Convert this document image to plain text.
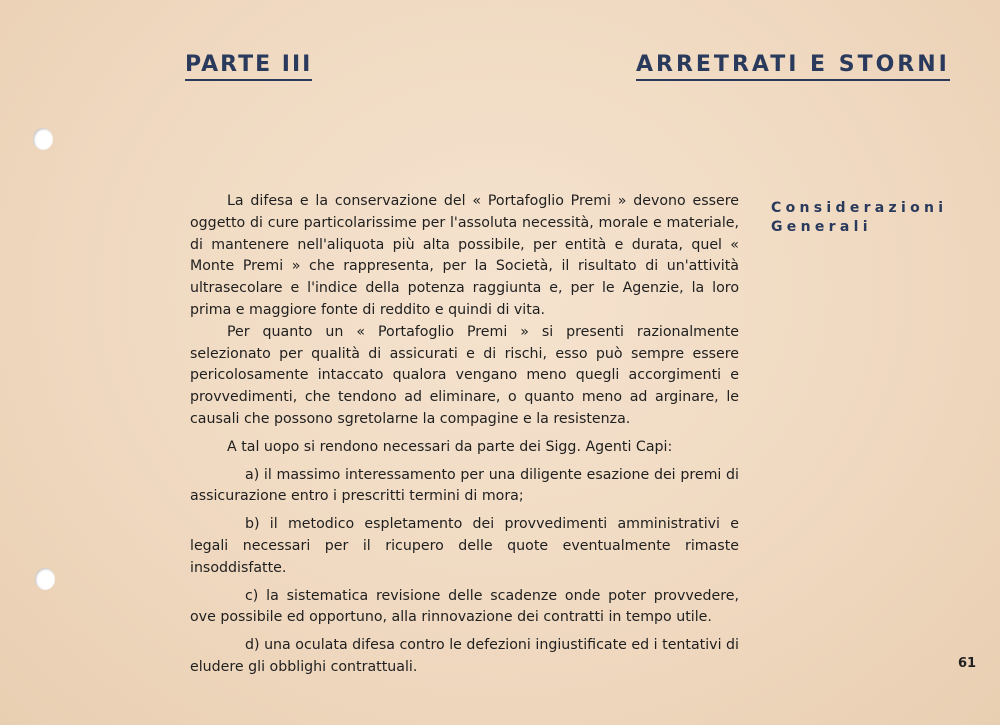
PARTE III	ARRETRATI E STORNI
Considerazioni Generali

La difesa e la conservazione del « Portafoglio Premi » devono essere oggetto di cure particolarissime per l'assoluta necessità, morale e materiale, di mantenere nell'aliquota più alta possibile, per entità e durata, quel « Monte Premi » che rappresenta, per la Società, il risultato di un'attività ultrasecolare e l'indice della potenza raggiunta e, per le Agenzie, la loro prima e maggiore fonte di reddito e quindi di vita.

Per quanto un « Portafoglio Premi » si presenti razionalmente selezionato per qualità di assicurati e di rischi, esso può sempre essere pericolosamente intaccato qualora vengano meno quegli accorgimenti e provvedimenti, che tendono ad eliminare, o quanto meno ad arginare, le causali che possono sgretolarne la compagine e la resistenza.

A tal uopo si rendono necessari da parte dei Sigg. Agenti Capi:

a) il massimo interessamento per una diligente esazione dei premi di assicurazione entro i prescritti termini di mora;

b) il metodico espletamento dei provvedimenti amministrativi e legali necessari per il ricupero delle quote eventualmente rimaste insoddisfatte.

c) la sistematica revisione delle scadenze onde poter provvedere, ove possibile ed opportuno, alla rinnovazione dei contratti in tempo utile.

d) una oculata difesa contro le defezioni ingiustificate ed i tentativi di eludere gli obblighi contrattuali.	61
